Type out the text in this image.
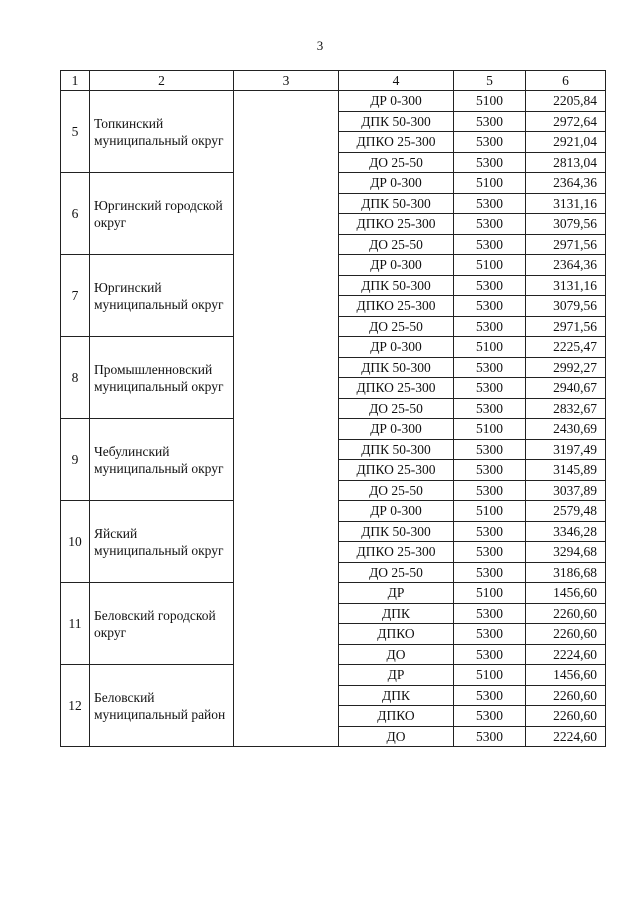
3
1	2	3	4	5	6
5	Топкинский муниципальный округ		ДР 0-300	5100	2205,84
			ДПК 50-300	5300	2972,64
			ДПКО 25-300	5300	2921,04
			ДО 25-50	5300	2813,04
6	Юргинский городской округ		ДР 0-300	5100	2364,36
			ДПК 50-300	5300	3131,16
			ДПКО 25-300	5300	3079,56
			ДО 25-50	5300	2971,56
7	Юргинский муниципальный округ		ДР 0-300	5100	2364,36
			ДПК 50-300	5300	3131,16
			ДПКО 25-300	5300	3079,56
			ДО 25-50	5300	2971,56
8	Промышленновский муниципальный округ		ДР 0-300	5100	2225,47
			ДПК 50-300	5300	2992,27
			ДПКО 25-300	5300	2940,67
			ДО 25-50	5300	2832,67
9	Чебулинский муниципальный округ		ДР 0-300	5100	2430,69
			ДПК 50-300	5300	3197,49
			ДПКО 25-300	5300	3145,89
			ДО 25-50	5300	3037,89
10	Яйский муниципальный округ		ДР 0-300	5100	2579,48
			ДПК 50-300	5300	3346,28
			ДПКО 25-300	5300	3294,68
			ДО 25-50	5300	3186,68
11	Беловский городской округ		ДР	5100	1456,60
			ДПК	5300	2260,60
			ДПКО	5300	2260,60
			ДО	5300	2224,60
12	Беловский муниципальный район		ДР	5100	1456,60
			ДПК	5300	2260,60
			ДПКО	5300	2260,60
			ДО	5300	2224,60
